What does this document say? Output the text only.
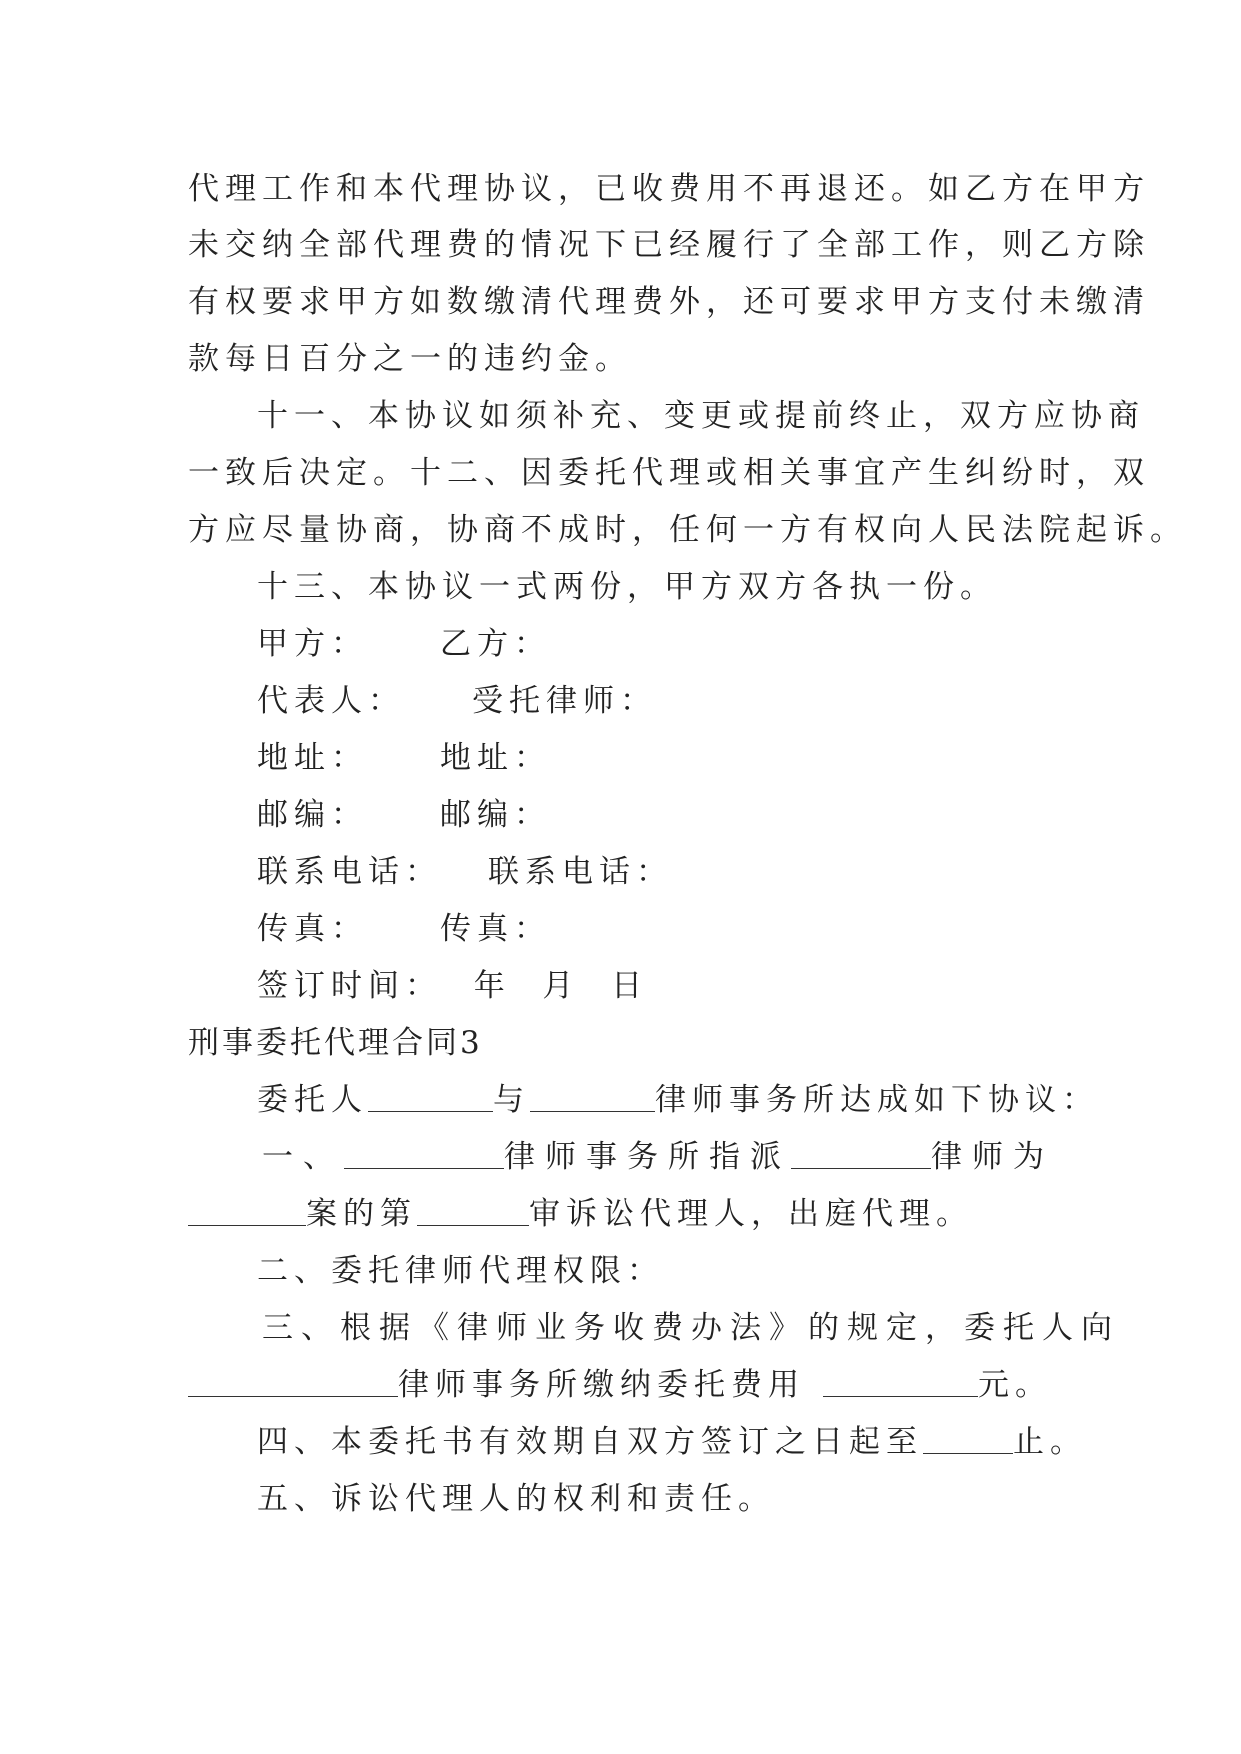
代理工作和本代理协议，已收费用不再退还。如乙方在甲方
未交纳全部代理费的情况下已经履行了全部工作，则乙方除
有权要求甲方如数缴清代理费外，还可要求甲方支付未缴清
款每日百分之一的违约金。
十一、本协议如须补充、变更或提前终止，双方应协商
一致后决定。十二、因委托代理或相关事宜产生纠纷时，双
方应尽量协商，协商不成时，任何一方有权向人民法院起诉。
十三、本协议一式两份，甲方双方各执一份。
甲方： 乙方：
代表人： 受托律师：
地址： 地址：
邮编： 邮编：
联系电话： 联系电话：
传真： 传真：
签订时间：  年  月  日
刑事委托代理合同3
委托人	与	律师事务所达成如下协议：
一、	律师事务所指派	律师为
案的第	审诉讼代理人，出庭代理。
二、委托律师代理权限：
三、根据《律师业务收费办法》的规定，委托人向
律师事务所缴纳委托费用	元。
四、本委托书有效期自双方签订之日起至	止。
五、诉讼代理人的权利和责任。
